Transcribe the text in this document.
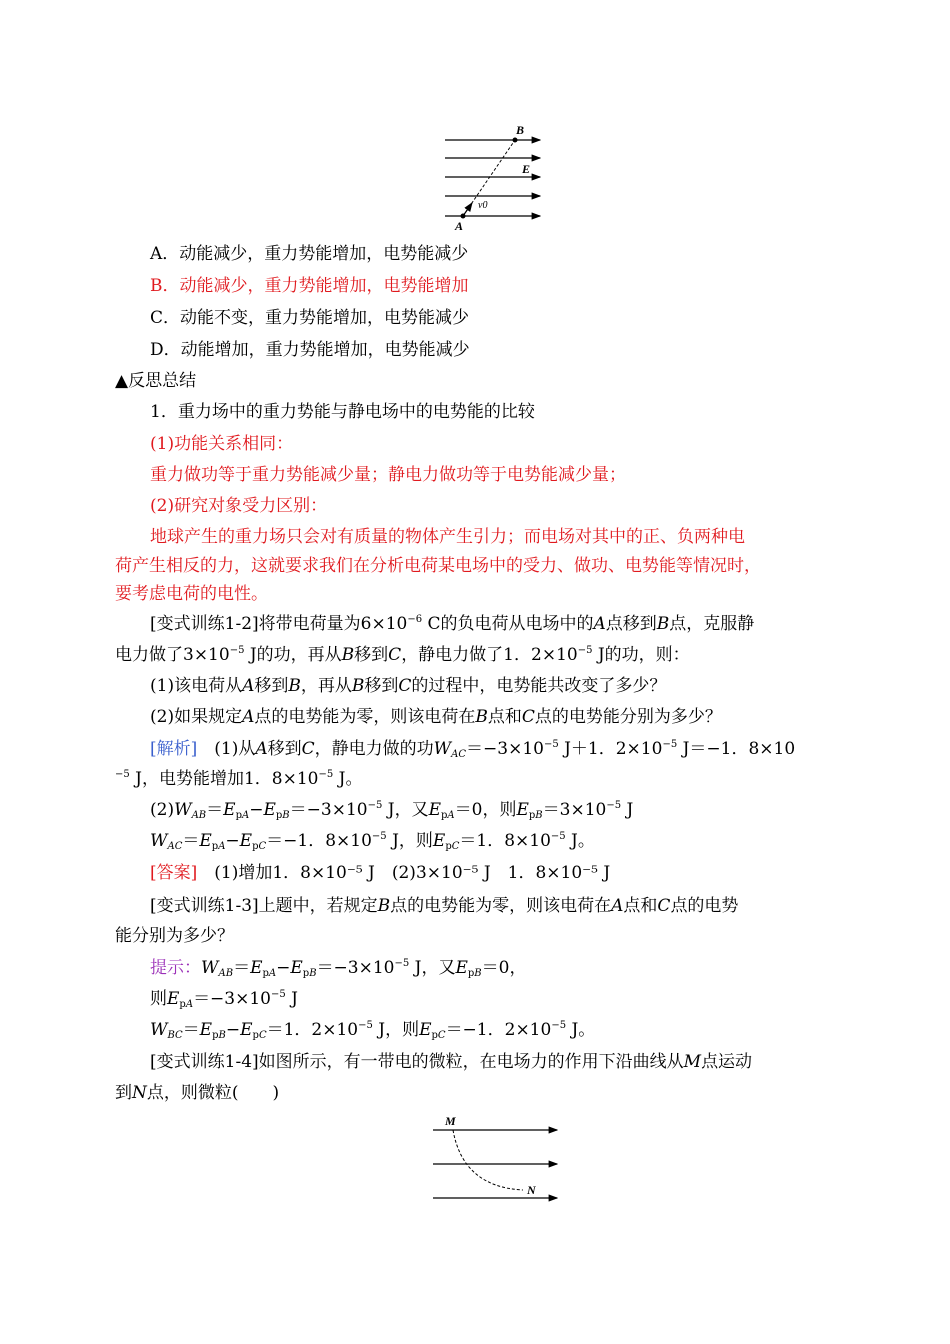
B
E
v0
A
A．动能减少，重力势能增加，电势能减少
B．动能减少，重力势能增加，电势能增加
C．动能不变，重力势能增加，电势能减少
D．动能增加，重力势能增加，电势能减少
▲反思总结
1．重力场中的重力势能与静电场中的电势能的比较
(1)功能关系相同：
重力做功等于重力势能减少量；静电力做功等于电势能减少量；
(2)研究对象受力区别：
地球产生的重力场只会对有质量的物体产生引力；而电场对其中的正、负两种电
荷产生相反的力，这就要求我们在分析电荷某电场中的受力、做功、电势能等情况时，
要考虑电荷的电性。
[变式训练1-2]将带电荷量为$6\times 10^{-6}$ C的负电荷从电场中的A点移到B点，克服静
电力做了$3\times 10^{-5}$ J的功，再从B移到C，静电力做了1．$2\times 10^{-5}$ J的功，则：
(1)该电荷从A移到B，再从B移到C的过程中，电势能共改变了多少？
(2)如果规定A点的电势能为零，则该电荷在B点和C点的电势能分别为多少？
[解析]　(1)从A移到C，静电力做的功$W_{AC}=-3\times 10^{-5}$ J＋1．$2\times 10^{-5}$ J＝−1．8×10
$^{-5}$ J，电势能增加1．$8\times 10^{-5}$ J。
$(2)W_{AB}=E_{pA}-E_{pB}=-3\times 10^{-5}$ J，又$E_{pA}=0$，则$E_{pB}=3\times 10^{-5}$ J
$W_{AC}=E_{pA}-E_{pC}=-1$．$8\times 10^{-5}$ J，则$E_{pC}=1$．$8\times 10^{-5}$ J。
[答案]　 (1)增加1．8×10⁻⁵ J　(2)3×10⁻⁵ J　1．8×10⁻⁵ J
[变式训练1-3]上题中，若规定B点的电势能为零，则该电荷在A点和C点的电势
能分别为多少？
提示：$W_{AB}=E_{pA}-E_{pB}=-3\times 10^{-5}$ J，又$E_{pB}=0$，
则$E_{pA}=-3\times 10^{-5}$ J
$W_{BC}=E_{pB}-E_{pC}=1$．$2\times 10^{-5}$ J，则$E_{pC}=-1$．$2\times 10^{-5}$ J。
[变式训练1-4]如图所示，有一带电的微粒，在电场力的作用下沿曲线从M点运动
到N点，则微粒(　　)
M
N
